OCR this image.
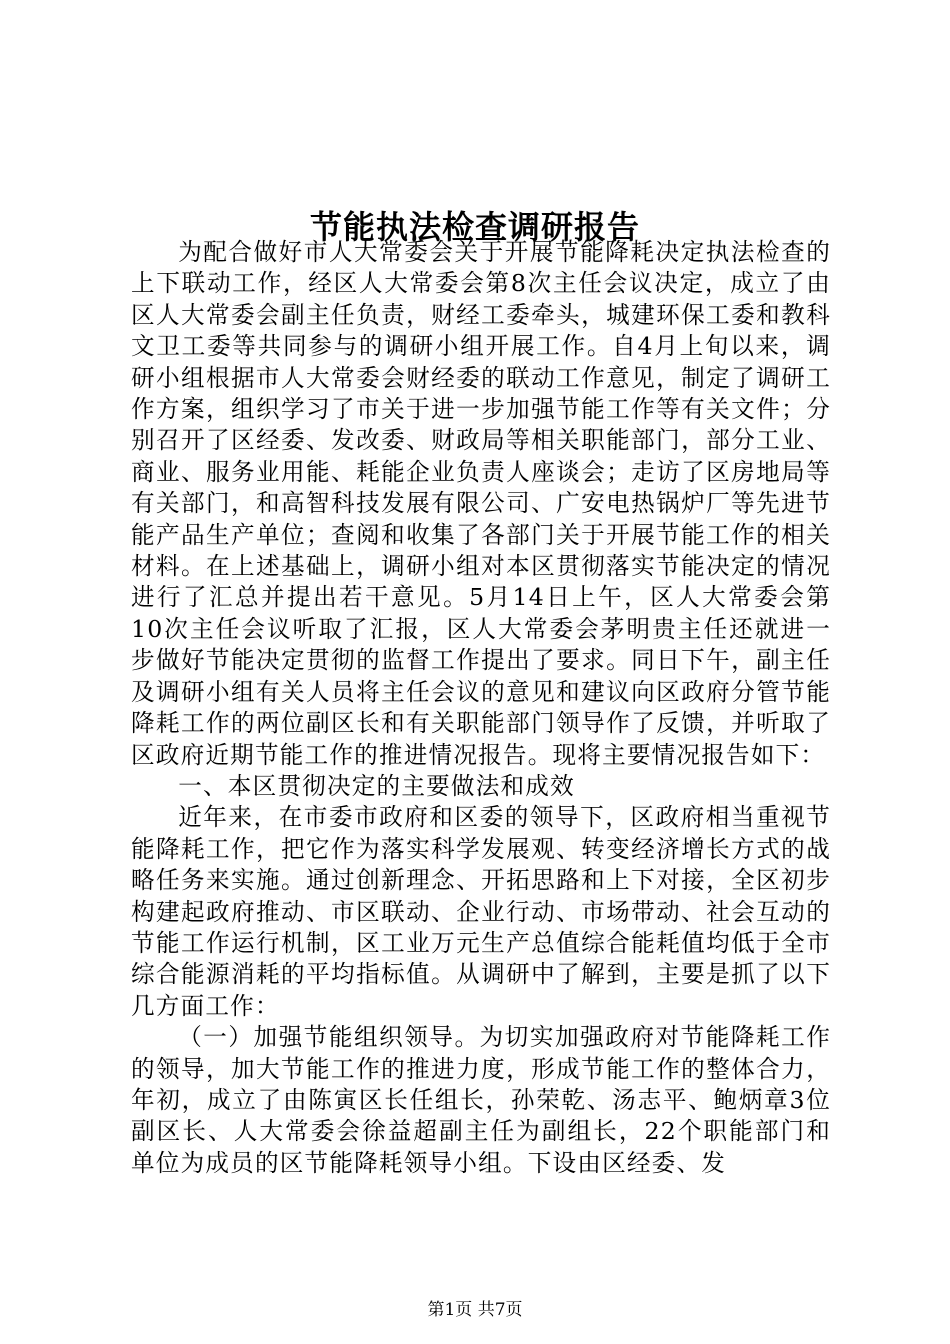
节能执法检查调研报告

为配合做好市人大常委会关于开展节能降耗决定执法检查的上下联动工作，经区人大常委会第8次主任会议决定，成立了由区人大常委会副主任负责，财经工委牵头，城建环保工委和教科文卫工委等共同参与的调研小组开展工作。自4月上旬以来，调研小组根据市人大常委会财经委的联动工作意见，制定了调研工作方案，组织学习了市关于进一步加强节能工作等有关文件；分别召开了区经委、发改委、财政局等相关职能部门，部分工业、商业、服务业用能、耗能企业负责人座谈会；走访了区房地局等有关部门，和高智科技发展有限公司、广安电热锅炉厂等先进节能产品生产单位；查阅和收集了各部门关于开展节能工作的相关材料。在上述基础上，调研小组对本区贯彻落实节能决定的情况进行了汇总并提出若干意见。5月14日上午，区人大常委会第10次主任会议听取了汇报，区人大常委会茅明贵主任还就进一步做好节能决定贯彻的监督工作提出了要求。同日下午，副主任及调研小组有关人员将主任会议的意见和建议向区政府分管节能降耗工作的两位副区长和有关职能部门领导作了反馈，并听取了区政府近期节能工作的推进情况报告。现将主要情况报告如下：

一、本区贯彻决定的主要做法和成效

近年来，在市委市政府和区委的领导下，区政府相当重视节能降耗工作，把它作为落实科学发展观、转变经济增长方式的战略任务来实施。通过创新理念、开拓思路和上下对接，全区初步构建起政府推动、市区联动、企业行动、市场带动、社会互动的节能工作运行机制，区工业万元生产总值综合能耗值均低于全市综合能源消耗的平均指标值。从调研中了解到，主要是抓了以下几方面工作：

（一）加强节能组织领导。为切实加强政府对节能降耗工作的领导，加大节能工作的推进力度，形成节能工作的整体合力，年初，成立了由陈寅区长任组长，孙荣乾、汤志平、鲍炳章3位副区长、人大常委会徐益超副主任为副组长，22个职能部门和单位为成员的区节能降耗领导小组。下设由区经委、发

第1页 共7页
